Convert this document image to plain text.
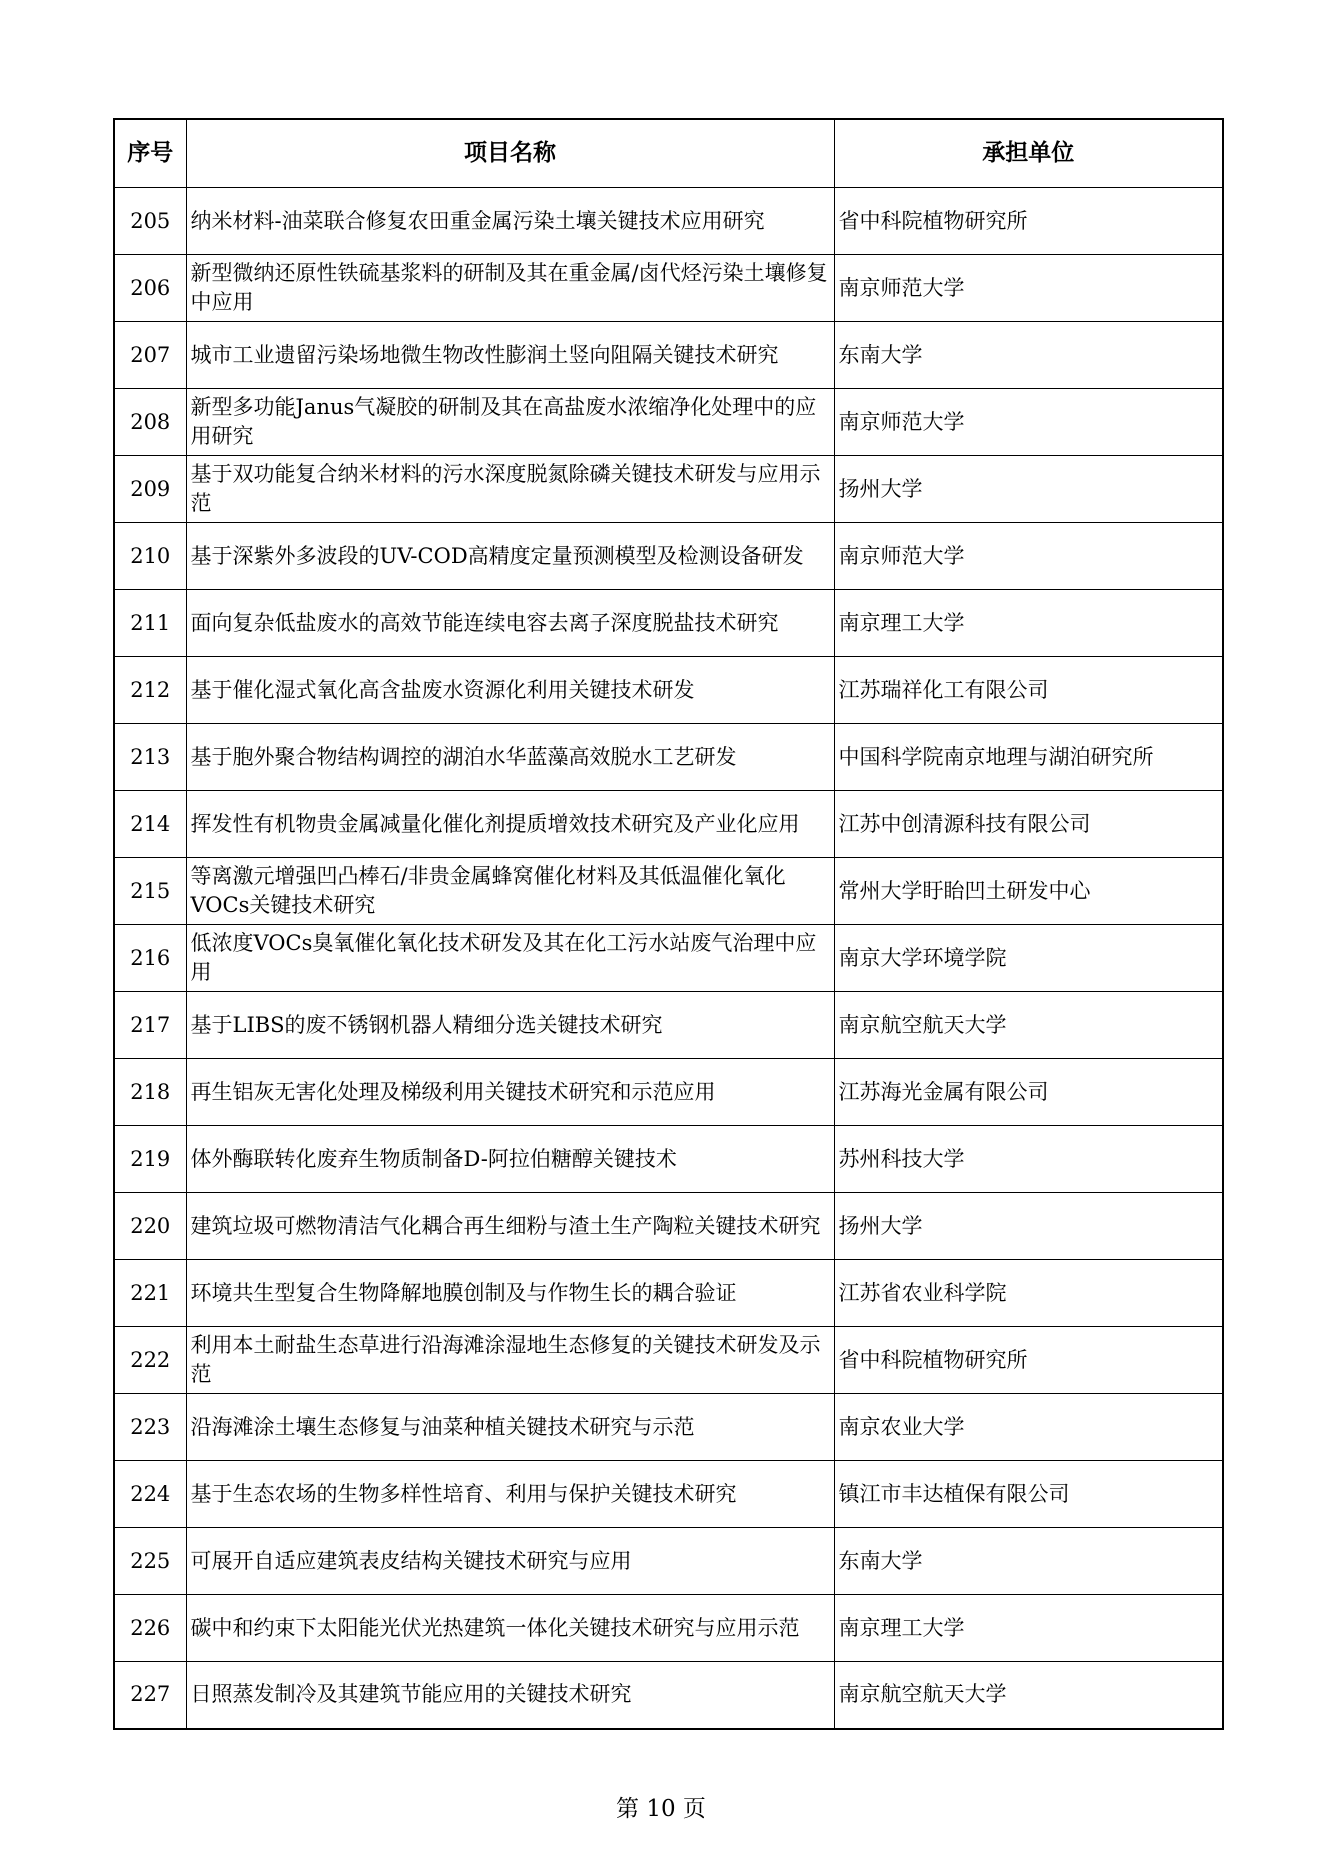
序号	项目名称	承担单位
205	纳米材料-油菜联合修复农田重金属污染土壤关键技术应用研究	省中科院植物研究所
206	新型微纳还原性铁硫基浆料的研制及其在重金属/卤代烃污染土壤修复中应用	南京师范大学
207	城市工业遗留污染场地微生物改性膨润土竖向阻隔关键技术研究	东南大学
208	新型多功能Janus气凝胶的研制及其在高盐废水浓缩净化处理中的应用研究	南京师范大学
209	基于双功能复合纳米材料的污水深度脱氮除磷关键技术研发与应用示范	扬州大学
210	基于深紫外多波段的UV-COD高精度定量预测模型及检测设备研发	南京师范大学
211	面向复杂低盐废水的高效节能连续电容去离子深度脱盐技术研究	南京理工大学
212	基于催化湿式氧化高含盐废水资源化利用关键技术研发	江苏瑞祥化工有限公司
213	基于胞外聚合物结构调控的湖泊水华蓝藻高效脱水工艺研发	中国科学院南京地理与湖泊研究所
214	挥发性有机物贵金属减量化催化剂提质增效技术研究及产业化应用	江苏中创清源科技有限公司
215	等离激元增强凹凸棒石/非贵金属蜂窝催化材料及其低温催化氧化VOCs关键技术研究	常州大学盱眙凹土研发中心
216	低浓度VOCs臭氧催化氧化技术研发及其在化工污水站废气治理中应用	南京大学环境学院
217	基于LIBS的废不锈钢机器人精细分选关键技术研究	南京航空航天大学
218	再生铝灰无害化处理及梯级利用关键技术研究和示范应用	江苏海光金属有限公司
219	体外酶联转化废弃生物质制备D-阿拉伯糖醇关键技术	苏州科技大学
220	建筑垃圾可燃物清洁气化耦合再生细粉与渣土生产陶粒关键技术研究	扬州大学
221	环境共生型复合生物降解地膜创制及与作物生长的耦合验证	江苏省农业科学院
222	利用本土耐盐生态草进行沿海滩涂湿地生态修复的关键技术研发及示范	省中科院植物研究所
223	沿海滩涂土壤生态修复与油菜种植关键技术研究与示范	南京农业大学
224	基于生态农场的生物多样性培育、利用与保护关键技术研究	镇江市丰达植保有限公司
225	可展开自适应建筑表皮结构关键技术研究与应用	东南大学
226	碳中和约束下太阳能光伏光热建筑一体化关键技术研究与应用示范	南京理工大学
227	日照蒸发制冷及其建筑节能应用的关键技术研究	南京航空航天大学
第 10 页
